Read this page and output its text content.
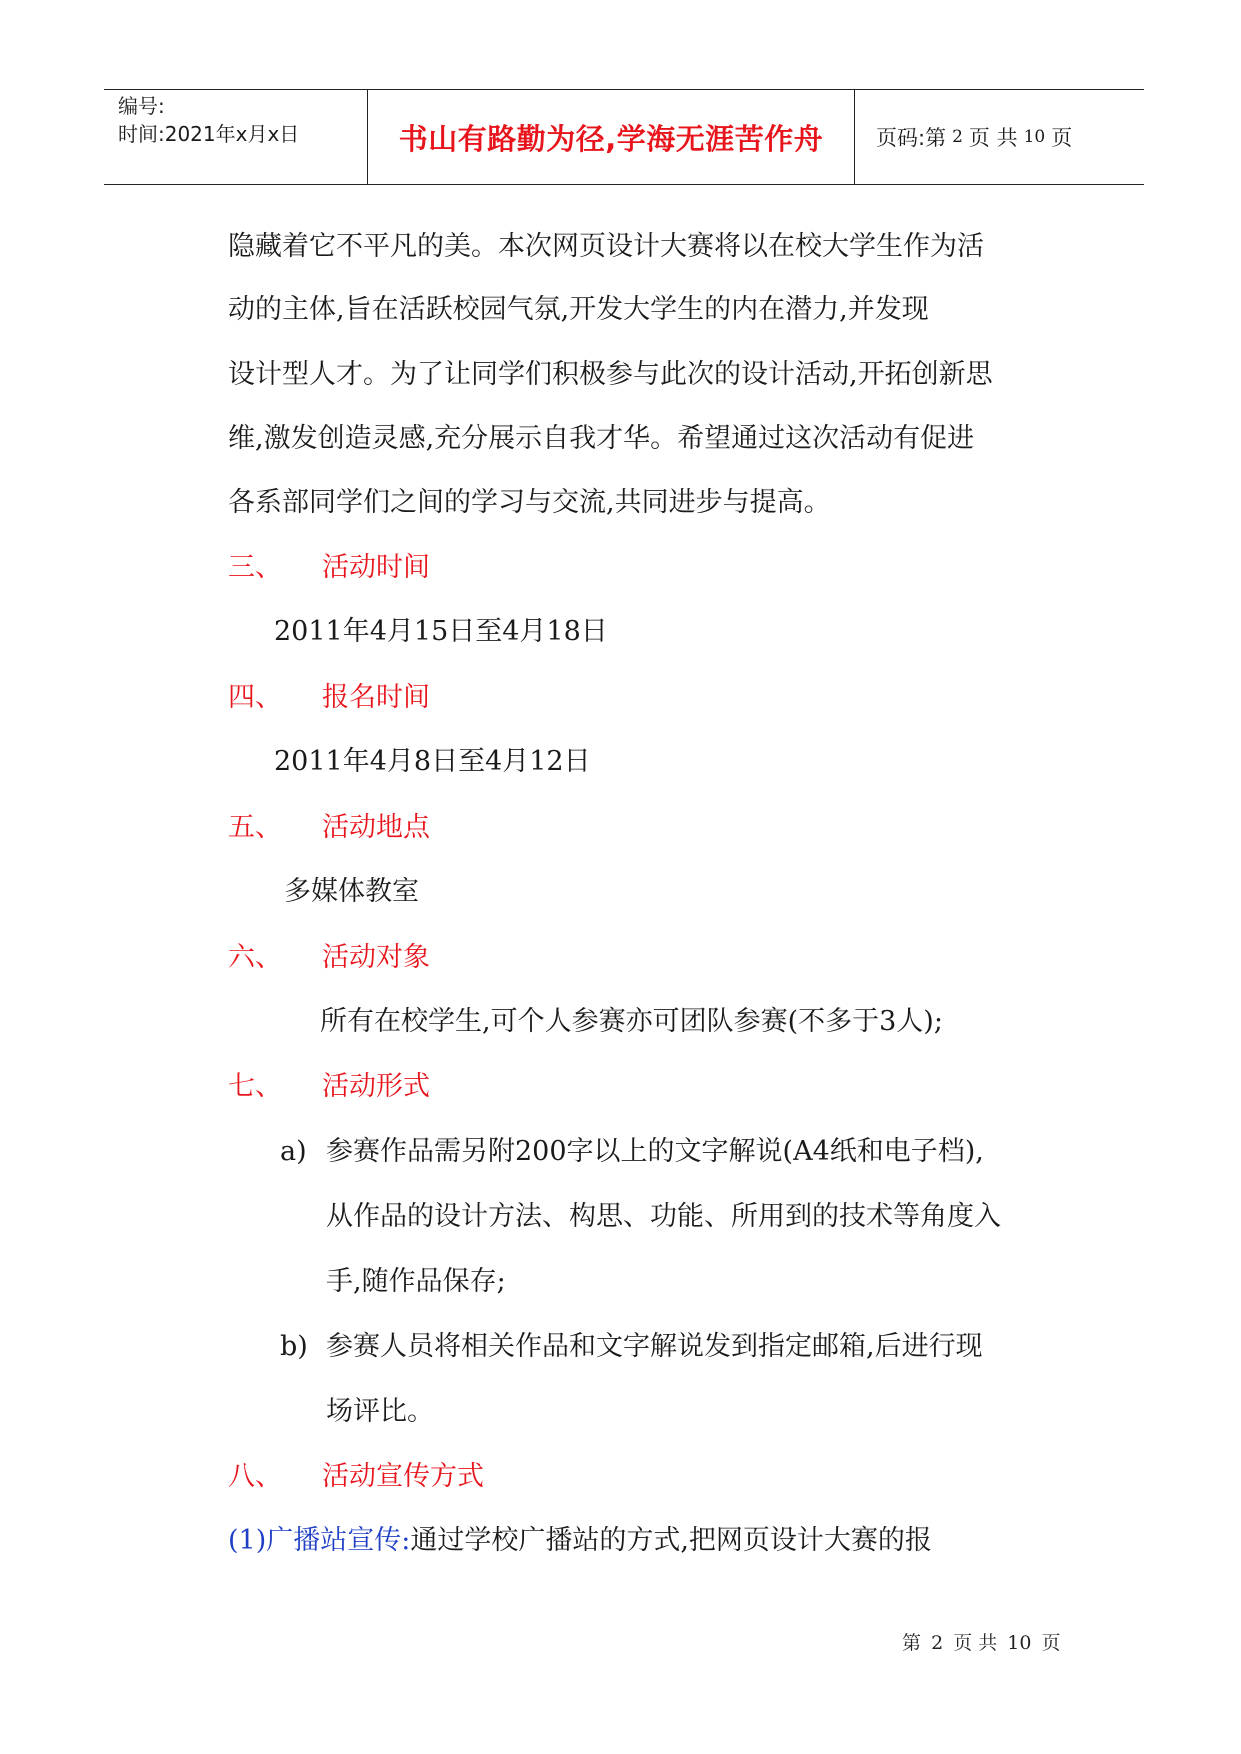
编号:
时间:2021年x月x日	书山有路勤为径,学海无涯苦作舟	页码:第 2 页 共 10 页
隐藏着它不平凡的美。本次网页设计大赛将以在校大学生作为活
动的主体,旨在活跃校园气氛,开发大学生的内在潜力,并发现
设计型人才。为了让同学们积极参与此次的设计活动,开拓创新思
维,激发创造灵感,充分展示自我才华。希望通过这次活动有促进
各系部同学们之间的学习与交流,共同进步与提高。
三、 活动时间
2011年4月15日至4月18日
四、 报名时间
2011年4月8日至4月12日
五、 活动地点
多媒体教室
六、 活动对象
所有在校学生,可个人参赛亦可团队参赛(不多于3人);
七、 活动形式
a) 参赛作品需另附200字以上的文字解说(A4纸和电子档),
从作品的设计方法、构思、功能、所用到的技术等角度入
手,随作品保存;
b) 参赛人员将相关作品和文字解说发到指定邮箱,后进行现
场评比。
八、 活动宣传方式
(1)广播站宣传:通过学校广播站的方式,把网页设计大赛的报
第 2 页 共 10 页
